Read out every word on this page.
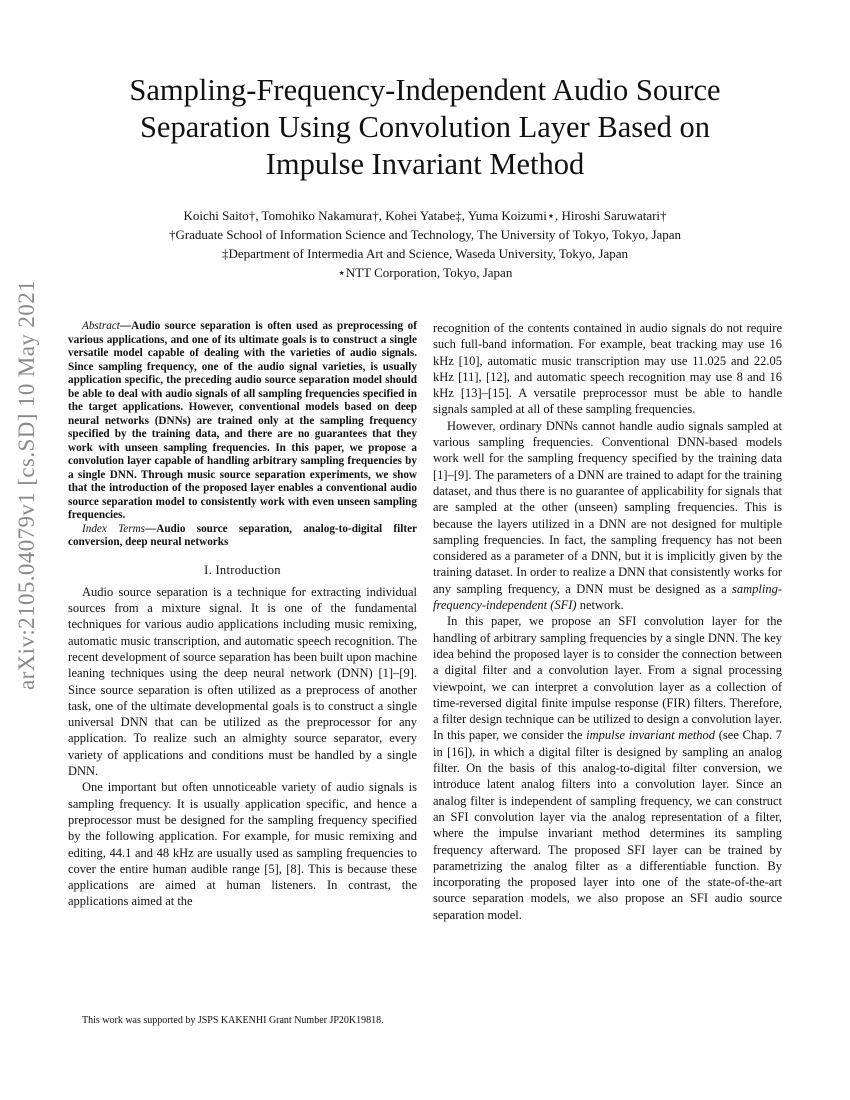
arXiv:2105.04079v1 [cs.SD] 10 May 2021
Sampling-Frequency-Independent Audio Source
Separation Using Convolution Layer Based on
Impulse Invariant Method
Koichi Saito†, Tomohiko Nakamura†, Kohei Yatabe‡, Yuma Koizumi⋆, Hiroshi Saruwatari†
†Graduate School of Information Science and Technology, The University of Tokyo, Tokyo, Japan
‡Department of Intermedia Art and Science, Waseda University, Tokyo, Japan
⋆NTT Corporation, Tokyo, Japan

Abstract—Audio source separation is often used as preprocessing of various applications, and one of its ultimate goals is to construct a single versatile model capable of dealing with the varieties of audio signals. Since sampling frequency, one of the audio signal varieties, is usually application specific, the preceding audio source separation model should be able to deal with audio signals of all sampling frequencies specified in the target applications. However, conventional models based on deep neural networks (DNNs) are trained only at the sampling frequency specified by the training data, and there are no guarantees that they work with unseen sampling frequencies. In this paper, we propose a convolution layer capable of handling arbitrary sampling frequencies by a single DNN. Through music source separation experiments, we show that the introduction of the proposed layer enables a conventional audio source separation model to consistently work with even unseen sampling frequencies.

Index Terms—Audio source separation, analog-to-digital filter conversion, deep neural networks

I. Introduction

Audio source separation is a technique for extracting individual sources from a mixture signal. It is one of the fundamental techniques for various audio applications including music remixing, automatic music transcription, and automatic speech recognition. The recent development of source separation has been built upon machine leaning techniques using the deep neural network (DNN) [1]–[9]. Since source separation is often utilized as a preprocess of another task, one of the ultimate developmental goals is to construct a single universal DNN that can be utilized as the preprocessor for any application. To realize such an almighty source separator, every variety of applications and conditions must be handled by a single DNN.

One important but often unnoticeable variety of audio signals is sampling frequency. It is usually application specific, and hence a preprocessor must be designed for the sampling frequency specified by the following application. For example, for music remixing and editing, 44.1 and 48 kHz are usually used as sampling frequencies to cover the entire human audible range [5], [8]. This is because these applications are aimed at human listeners. In contrast, the applications aimed at the

This work was supported by JSPS KAKENHI Grant Number JP20K19818.

recognition of the contents contained in audio signals do not require such full-band information. For example, beat tracking may use 16 kHz [10], automatic music transcription may use 11.025 and 22.05 kHz [11], [12], and automatic speech recognition may use 8 and 16 kHz [13]–[15]. A versatile preprocessor must be able to handle signals sampled at all of these sampling frequencies.

However, ordinary DNNs cannot handle audio signals sampled at various sampling frequencies. Conventional DNN-based models work well for the sampling frequency specified by the training data [1]–[9]. The parameters of a DNN are trained to adapt for the training dataset, and thus there is no guarantee of applicability for signals that are sampled at the other (unseen) sampling frequencies. This is because the layers utilized in a DNN are not designed for multiple sampling frequencies. In fact, the sampling frequency has not been considered as a parameter of a DNN, but it is implicitly given by the training dataset. In order to realize a DNN that consistently works for any sampling frequency, a DNN must be designed as a sampling-frequency-independent (SFI) network.

In this paper, we propose an SFI convolution layer for the handling of arbitrary sampling frequencies by a single DNN. The key idea behind the proposed layer is to consider the connection between a digital filter and a convolution layer. From a signal processing viewpoint, we can interpret a convolution layer as a collection of time-reversed digital finite impulse response (FIR) filters. Therefore, a filter design technique can be utilized to design a convolution layer. In this paper, we consider the impulse invariant method (see Chap. 7 in [16]), in which a digital filter is designed by sampling an analog filter. On the basis of this analog-to-digital filter conversion, we introduce latent analog filters into a convolution layer. Since an analog filter is independent of sampling frequency, we can construct an SFI convolution layer via the analog representation of a filter, where the impulse invariant method determines its sampling frequency afterward. The proposed SFI layer can be trained by parametrizing the analog filter as a differentiable function. By incorporating the proposed layer into one of the state-of-the-art source separation models, we also propose an SFI audio source separation model.
